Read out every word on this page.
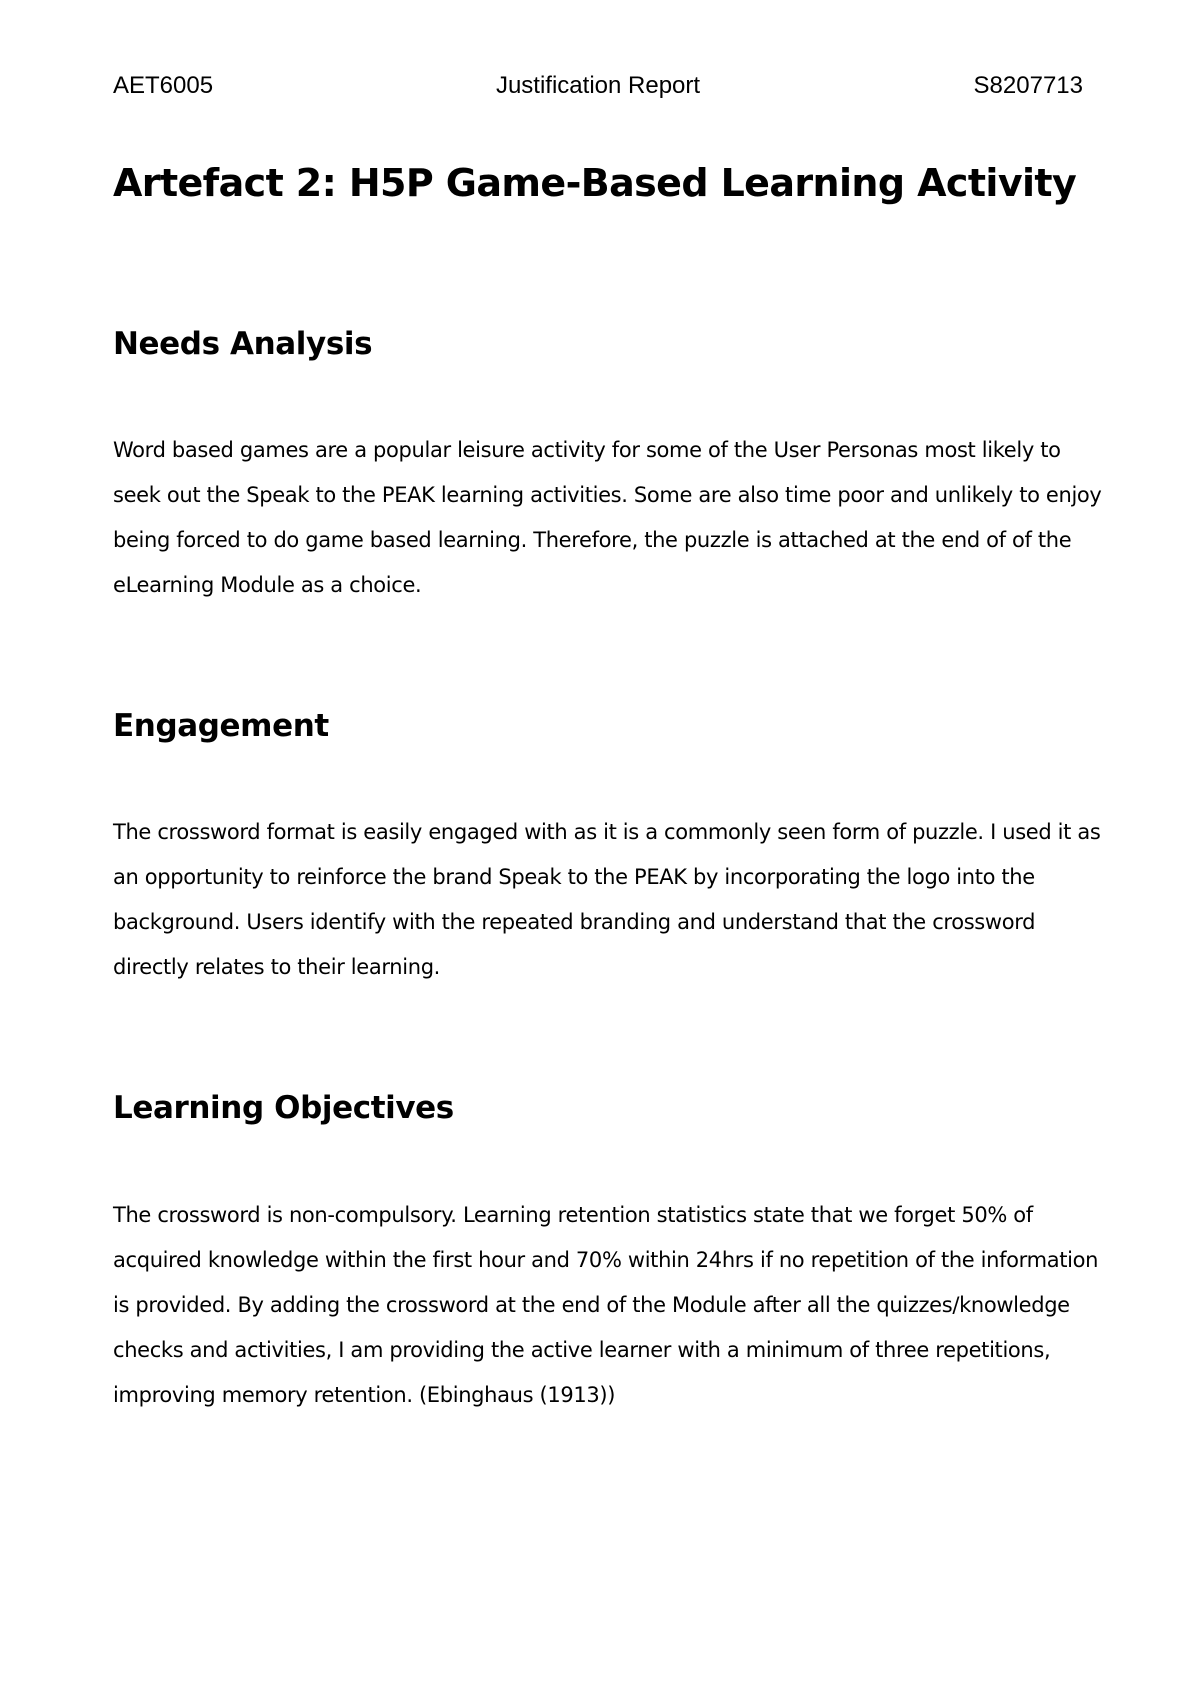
AET6005	Justification Report	S8207713
Artefact 2: H5P Game-Based Learning Activity
Needs Analysis
Word based games are a popular leisure activity for some of the User Personas most likely to
seek out the Speak to the PEAK learning activities. Some are also time poor and unlikely to enjoy
being forced to do game based learning. Therefore, the puzzle is attached at the end of of the
eLearning Module as a choice.
Engagement
The crossword format is easily engaged with as it is a commonly seen form of puzzle. I used it as
an opportunity to reinforce the brand Speak to the PEAK by incorporating the logo into the
background. Users identify with the repeated branding and understand that the crossword
directly relates to their learning.
Learning Objectives
The crossword is non-compulsory. Learning retention statistics state that we forget 50% of
acquired knowledge within the first hour and 70% within 24hrs if no repetition of the information
is provided. By adding the crossword at the end of the Module after all the quizzes/knowledge
checks and activities, I am providing the active learner with a minimum of three repetitions,
improving memory retention. (Ebinghaus (1913))
